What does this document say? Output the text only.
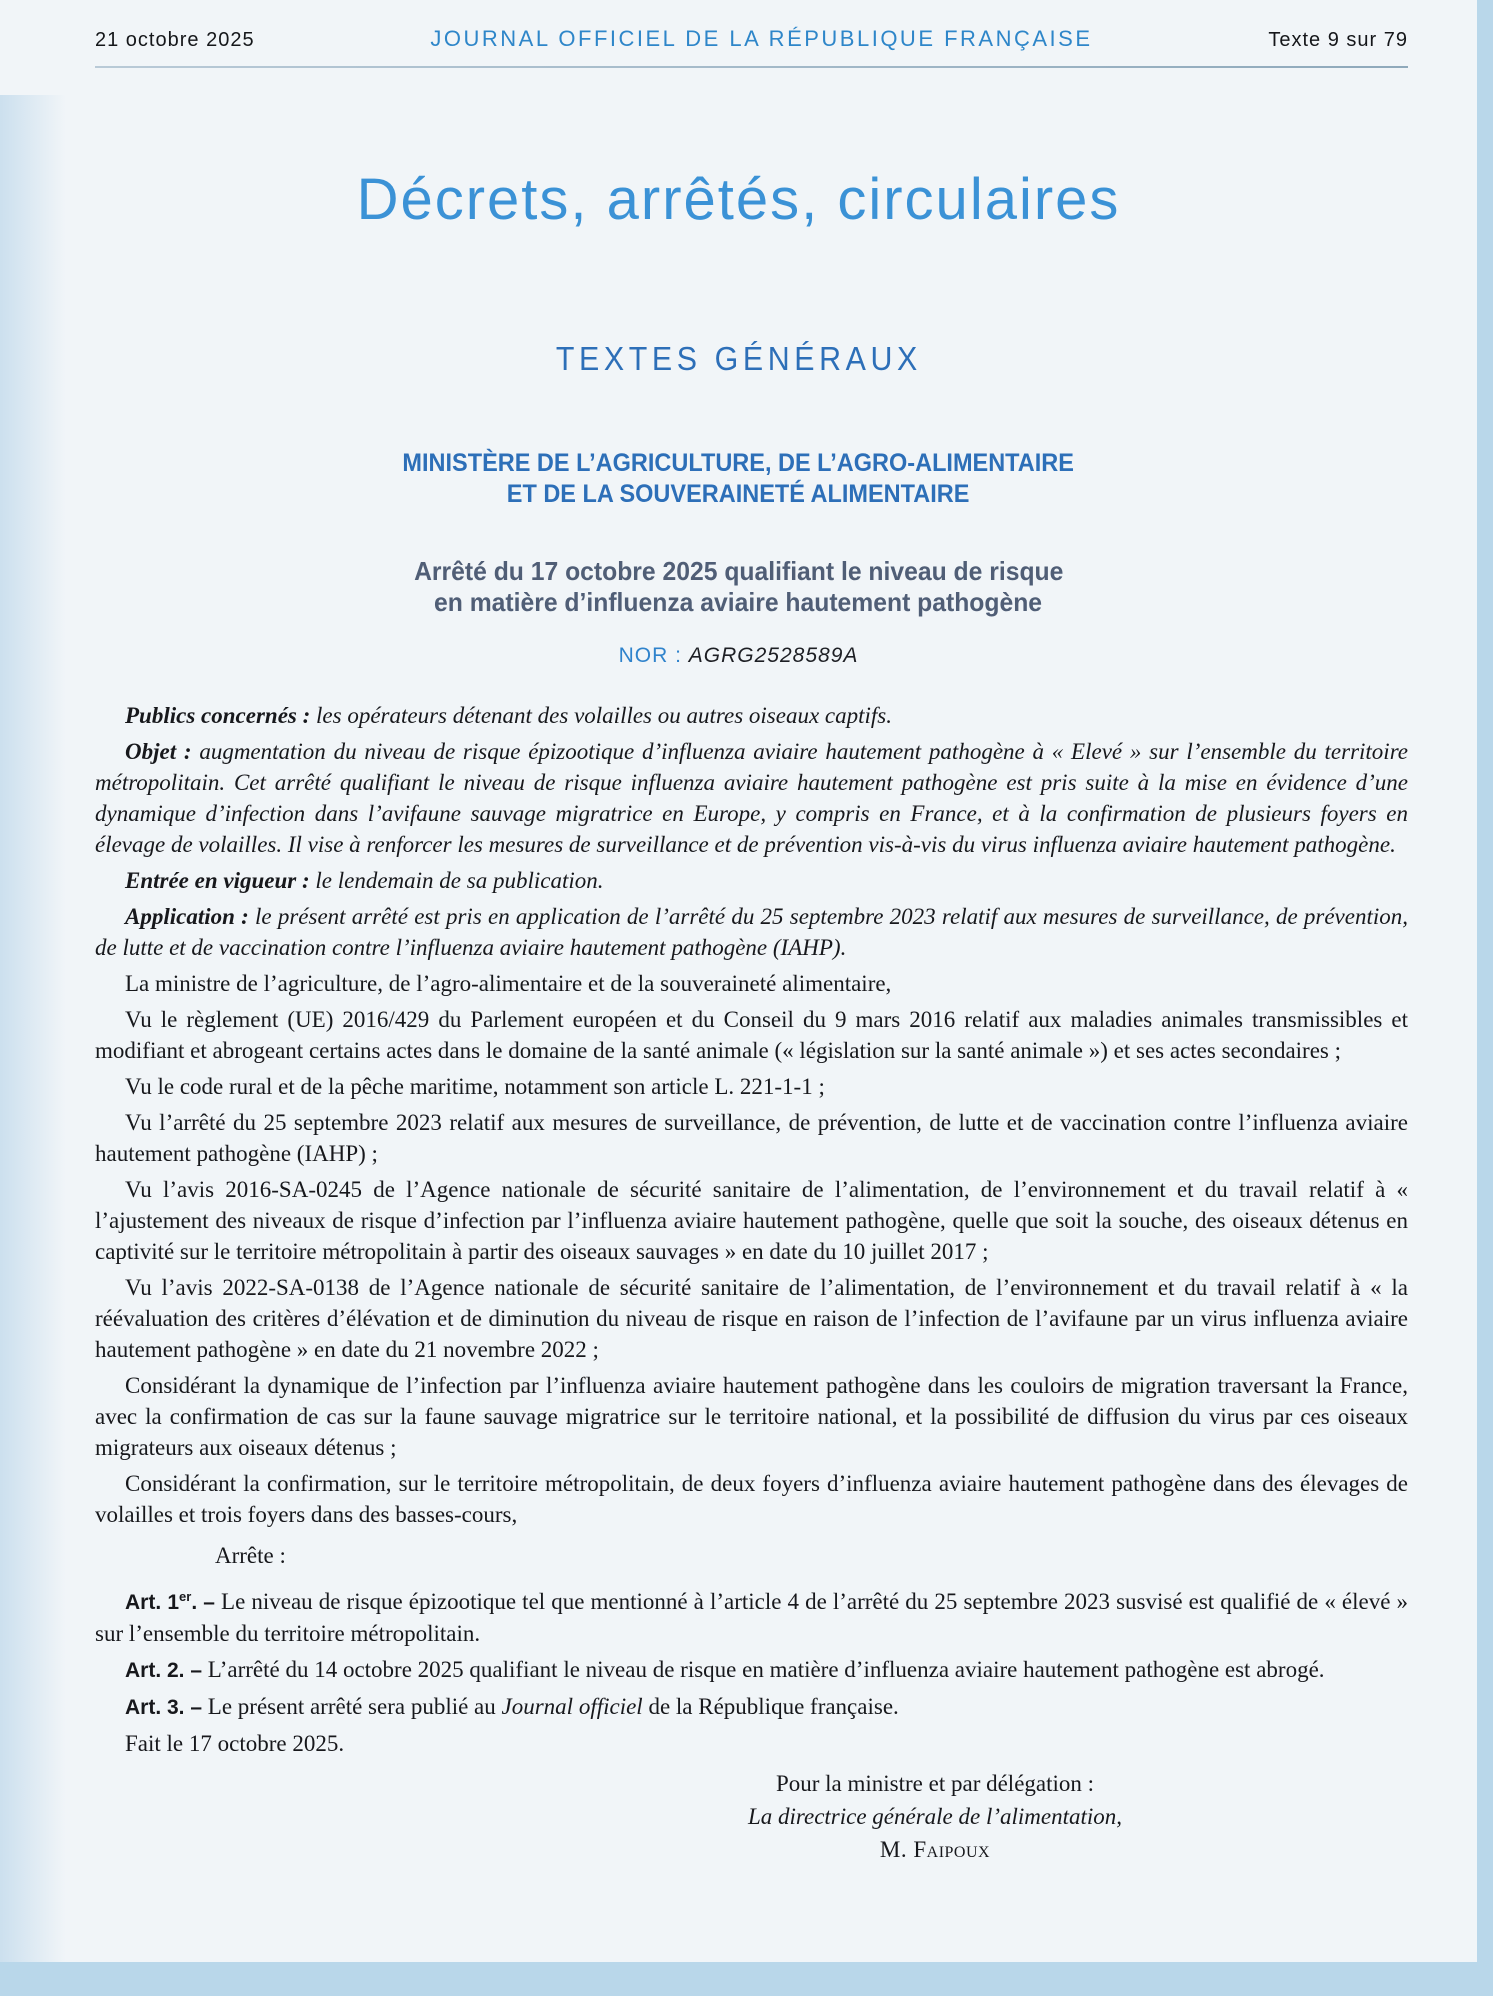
21 octobre 2025	JOURNAL OFFICIEL DE LA RÉPUBLIQUE FRANÇAISE	Texte 9 sur 79
Décrets, arrêtés, circulaires
TEXTES GÉNÉRAUX
MINISTÈRE DE L’AGRICULTURE, DE L’AGRO-ALIMENTAIRE
ET DE LA SOUVERAINETÉ ALIMENTAIRE
Arrêté du 17 octobre 2025 qualifiant le niveau de risque
en matière d’influenza aviaire hautement pathogène
NOR : AGRG2528589A

Publics concernés : les opérateurs détenant des volailles ou autres oiseaux captifs.

Objet : augmentation du niveau de risque épizootique d’influenza aviaire hautement pathogène à « Elevé » sur l’ensemble du territoire métropolitain. Cet arrêté qualifiant le niveau de risque influenza aviaire hautement pathogène est pris suite à la mise en évidence d’une dynamique d’infection dans l’avifaune sauvage migratrice en Europe, y compris en France, et à la confirmation de plusieurs foyers en élevage de volailles. Il vise à renforcer les mesures de surveillance et de prévention vis-à-vis du virus influenza aviaire hautement pathogène.

Entrée en vigueur : le lendemain de sa publication.

Application : le présent arrêté est pris en application de l’arrêté du 25 septembre 2023 relatif aux mesures de surveillance, de prévention, de lutte et de vaccination contre l’influenza aviaire hautement pathogène (IAHP).

La ministre de l’agriculture, de l’agro-alimentaire et de la souveraineté alimentaire,

Vu le règlement (UE) 2016/429 du Parlement européen et du Conseil du 9 mars 2016 relatif aux maladies animales transmissibles et modifiant et abrogeant certains actes dans le domaine de la santé animale (« législation sur la santé animale ») et ses actes secondaires ;

Vu le code rural et de la pêche maritime, notamment son article L. 221-1-1 ;

Vu l’arrêté du 25 septembre 2023 relatif aux mesures de surveillance, de prévention, de lutte et de vaccination contre l’influenza aviaire hautement pathogène (IAHP) ;

Vu l’avis 2016-SA-0245 de l’Agence nationale de sécurité sanitaire de l’alimentation, de l’environnement et du travail relatif à « l’ajustement des niveaux de risque d’infection par l’influenza aviaire hautement pathogène, quelle que soit la souche, des oiseaux détenus en captivité sur le territoire métropolitain à partir des oiseaux sauvages » en date du 10 juillet 2017 ;

Vu l’avis 2022-SA-0138 de l’Agence nationale de sécurité sanitaire de l’alimentation, de l’environnement et du travail relatif à « la réévaluation des critères d’élévation et de diminution du niveau de risque en raison de l’infection de l’avifaune par un virus influenza aviaire hautement pathogène » en date du 21 novembre 2022 ;

Considérant la dynamique de l’infection par l’influenza aviaire hautement pathogène dans les couloirs de migration traversant la France, avec la confirmation de cas sur la faune sauvage migratrice sur le territoire national, et la possibilité de diffusion du virus par ces oiseaux migrateurs aux oiseaux détenus ;

Considérant la confirmation, sur le territoire métropolitain, de deux foyers d’influenza aviaire hautement pathogène dans des élevages de volailles et trois foyers dans des basses-cours,

Arrête :

Art. 1er. – Le niveau de risque épizootique tel que mentionné à l’article 4 de l’arrêté du 25 septembre 2023 susvisé est qualifié de « élevé » sur l’ensemble du territoire métropolitain.

Art. 2. – L’arrêté du 14 octobre 2025 qualifiant le niveau de risque en matière d’influenza aviaire hautement pathogène est abrogé.

Art. 3. – Le présent arrêté sera publié au Journal officiel de la République française.

Fait le 17 octobre 2025.

Pour la ministre et par délégation :
La directrice générale de l’alimentation,
M. Faipoux
